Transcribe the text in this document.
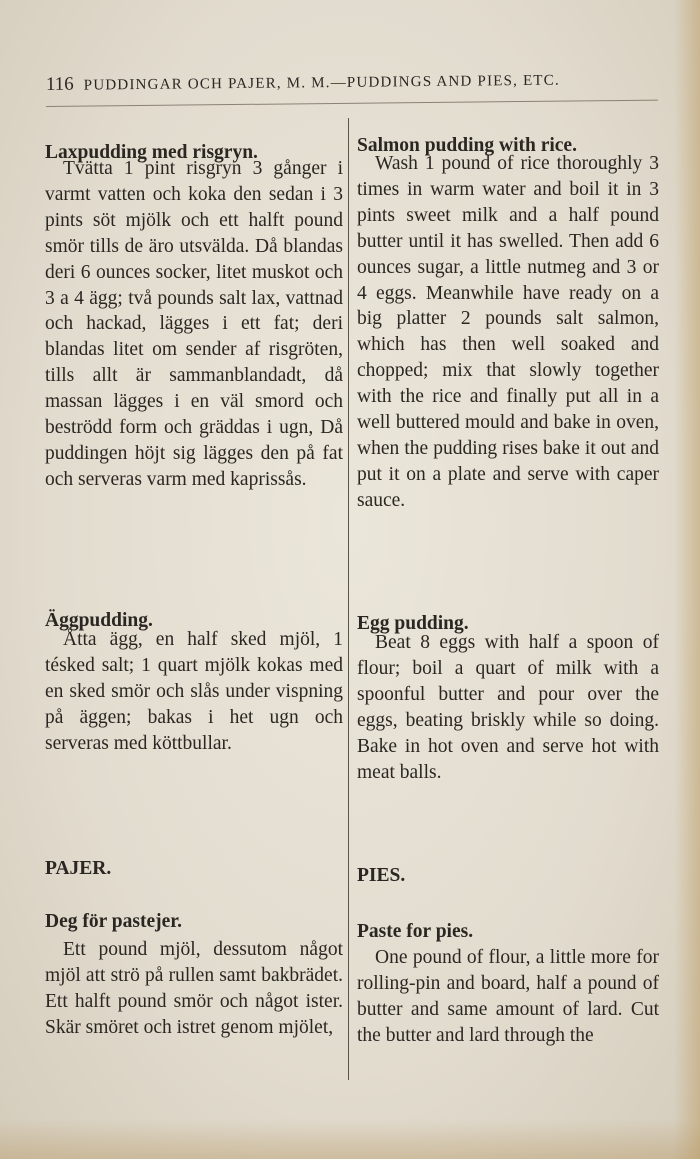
116 PUDDINGAR OCH PAJER, M. M.—PUDDINGS AND PIES, ETC.
Laxpudding med risgryn.

Tvätta 1 pint risgryn 3 gånger i varmt vatten och koka den sedan i 3 pints söt mjölk och ett halft pound smör tills de äro utsvälda. Då blandas deri 6 ounces socker, litet muskot och 3 a 4 ägg; två pounds salt lax, vattnad och hackad, lägges i ett fat; deri blandas litet om sender af risgröten, tills allt är sammanblandadt, då massan lägges i en väl smord och beströdd form och gräddas i ugn, Då puddingen höjt sig lägges den på fat och serveras varm med kaprissås.

Äggpudding.

Åtta ägg, en half sked mjöl, 1 tésked salt; 1 quart mjölk kokas med en sked smör och slås under vispning på äggen; bakas i het ugn och serveras med köttbullar.

PAJER.
Deg för pastejer.

Ett pound mjöl, dessutom något mjöl att strö på rullen samt bakbrädet. Ett halft pound smör och något ister. Skär smöret och istret genom mjölet,

Salmon pudding with rice.

Wash 1 pound of rice thoroughly 3 times in warm water and boil it in 3 pints sweet milk and a half pound butter until it has swelled. Then add 6 ounces sugar, a little nutmeg and 3 or 4 eggs. Meanwhile have ready on a big platter 2 pounds salt salmon, which has then well soaked and chopped; mix that slowly together with the rice and finally put all in a well buttered mould and bake in oven, when the pudding rises bake it out and put it on a plate and serve with caper sauce.

Egg pudding.

Beat 8 eggs with half a spoon of flour; boil a quart of milk with a spoonful butter and pour over the eggs, beating briskly while so doing. Bake in hot oven and serve hot with meat balls.

PIES.
Paste for pies.

One pound of flour, a little more for rolling-pin and board, half a pound of butter and same amount of lard. Cut the butter and lard through the
